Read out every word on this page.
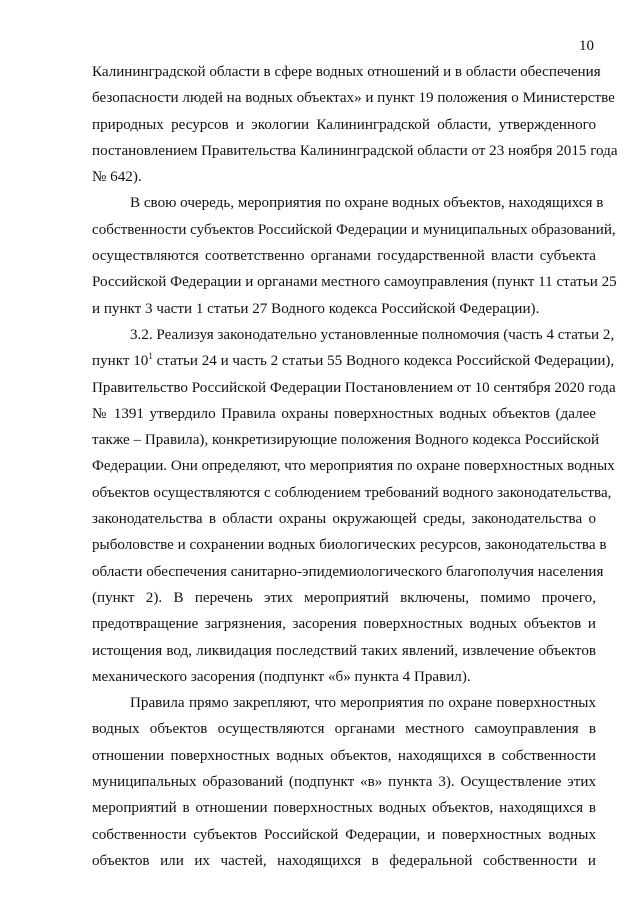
10
Калининградской области в сфере водных отношений и в области обеспечения
безопасности людей на водных объектах» и пункт 19 положения о Министерстве
природных ресурсов и экологии Калининградской области, утвержденного
постановлением Правительства Калининградской области от 23 ноября 2015 года
№ 642).
В свою очередь, мероприятия по охране водных объектов, находящихся в
собственности субъектов Российской Федерации и муниципальных образований,
осуществляются соответственно органами государственной власти субъекта
Российской Федерации и органами местного самоуправления (пункт 11 статьи 25
и пункт 3 части 1 статьи 27 Водного кодекса Российской Федерации).
3.2. Реализуя законодательно установленные полномочия (часть 4 статьи 2,
пункт $10^1$ статьи 24 и часть 2 статьи 55 Водного кодекса Российской Федерации),
Правительство Российской Федерации Постановлением от 10 сентября 2020 года
№ 1391 утвердило Правила охраны поверхностных водных объектов (далее
также – Правила), конкретизирующие положения Водного кодекса Российской
Федерации. Они определяют, что мероприятия по охране поверхностных водных
объектов осуществляются с соблюдением требований водного законодательства,
законодательства в области охраны окружающей среды, законодательства о
рыболовстве и сохранении водных биологических ресурсов, законодательства в
области обеспечения санитарно-эпидемиологического благополучия населения
(пункт 2). В перечень этих мероприятий включены, помимо прочего,
предотвращение загрязнения, засорения поверхностных водных объектов и
истощения вод, ликвидация последствий таких явлений, извлечение объектов
механического засорения (подпункт «б» пункта 4 Правил).
Правила прямо закрепляют, что мероприятия по охране поверхностных
водных объектов осуществляются органами местного самоуправления в
отношении поверхностных водных объектов, находящихся в собственности
муниципальных образований (подпункт «в» пункта 3). Осуществление этих
мероприятий в отношении поверхностных водных объектов, находящихся в
собственности субъектов Российской Федерации, и поверхностных водных
объектов или их частей, находящихся в федеральной собственности и
